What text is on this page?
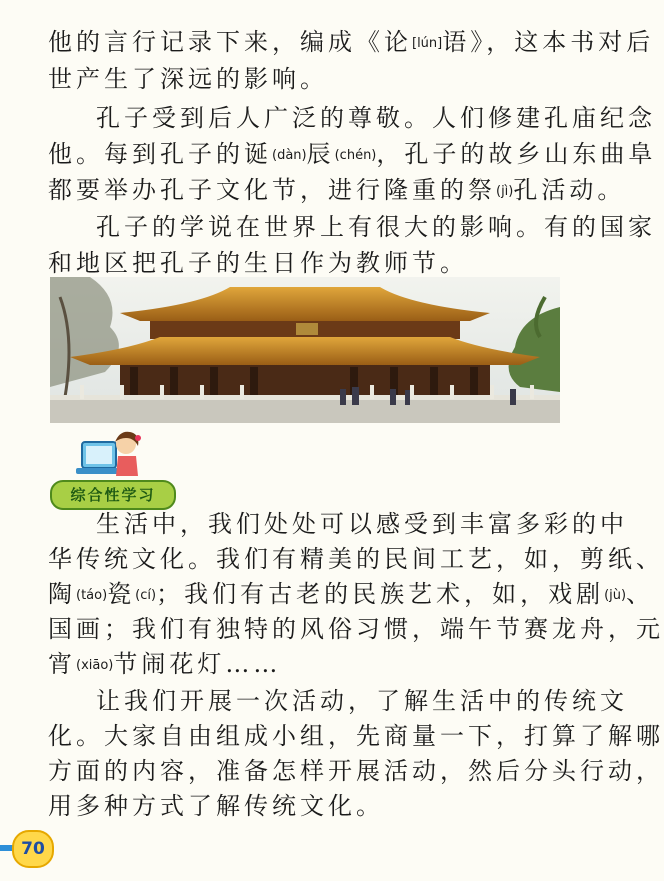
他的言行记录下来，编成《论[lún]语》，这本书对后
世产生了深远的影响。
孔子受到后人广泛的尊敬。人们修建孔庙纪念
他。每到孔子的诞(dàn)辰(chén)，孔子的故乡山东曲阜
都要举办孔子文化节，进行隆重的祭(jì)孔活动。
孔子的学说在世界上有很大的影响。有的国家
和地区把孔子的生日作为教师节。
综合性学习
生活中，我们处处可以感受到丰富多彩的中
华传统文化。我们有精美的民间工艺，如，剪纸、
陶(táo)瓷(cí)；我们有古老的民族艺术，如，戏剧(jù)、
国画；我们有独特的风俗习惯，端午节赛龙舟，元
宵(xiāo)节闹花灯……
让我们开展一次活动，了解生活中的传统文
化。大家自由组成小组，先商量一下，打算了解哪
方面的内容，准备怎样开展活动，然后分头行动，
用多种方式了解传统文化。
70
